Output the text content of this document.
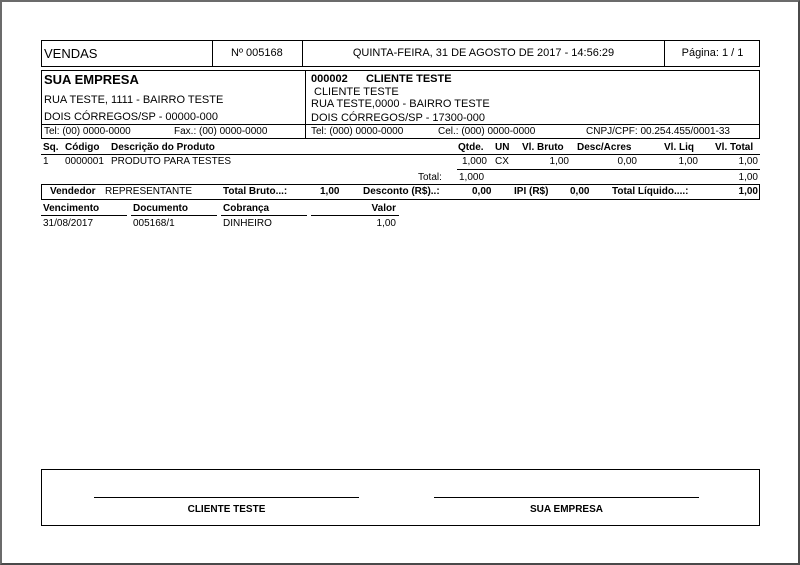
VENDAS	Nº 005168	QUINTA-FEIRA, 31 DE AGOSTO DE 2017 - 14:56:29	Página: 1 / 1
SUA EMPRESA
RUA TESTE, 1111 - BAIRRO TESTE
DOIS CÓRREGOS/SP - 00000-000
Tel: (00) 0000-0000	Fax.: (00) 0000-0000
000002 CLIENTE TESTE
CLIENTE TESTE
RUA TESTE,0000 - BAIRRO TESTE
DOIS CÓRREGOS/SP - 17300-000
Tel: (000) 0000-0000	Cel.: (000) 0000-0000	CNPJ/CPF: 00.254.455/0001-33
Sq. Código Descrição do Produto	Qtde. UN Vl. Bruto Desc/Acres	Vl. Liq Vl. Total
1 0000001 PRODUTO PARA TESTES	1,000 CX	1,00	0,00	1,00	1,00
Total: 1,000	1,00
Vendedor REPRESENTANTE	Total Bruto...:	1,00 Desconto (R$)..:	0,00 IPI (R$) 0,00 Total Líquido....:	1,00
Vencimento	Documento	Cobrança	Valor
31/08/2017	005168/1	DINHEIRO	1,00
CLIENTE TESTE	SUA EMPRESA
